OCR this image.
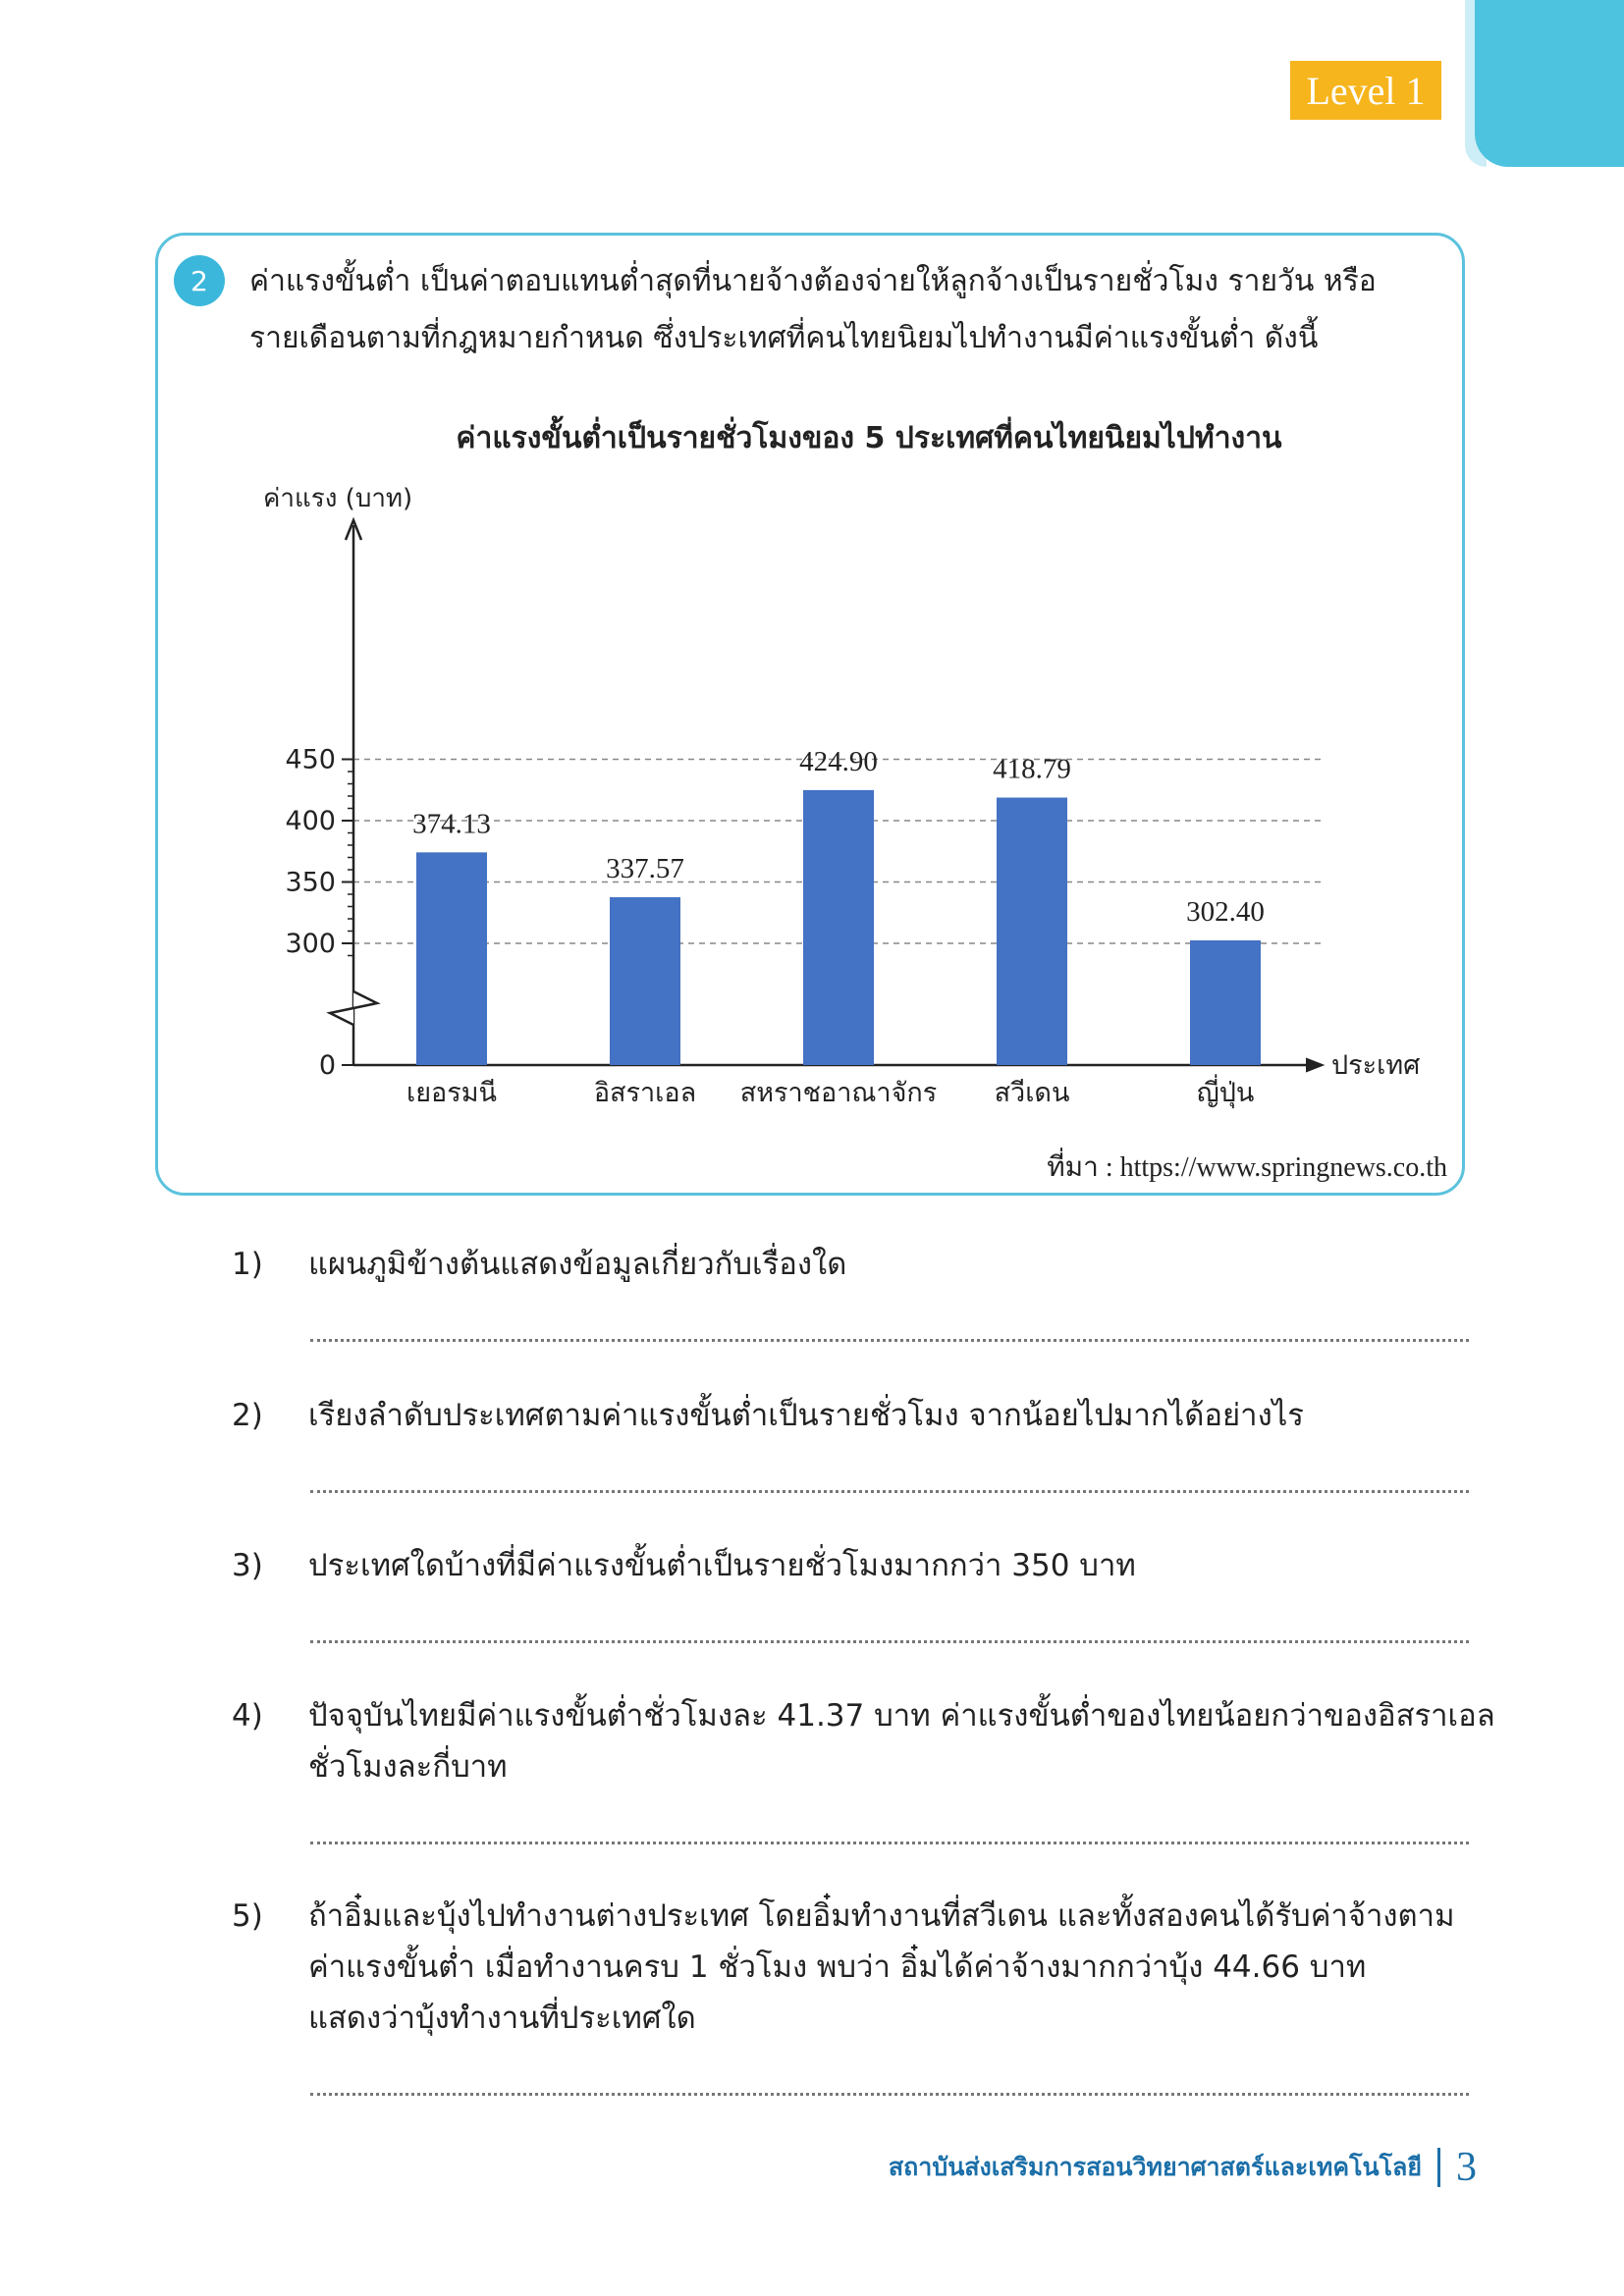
Level 1
2	ค่าแรงขั้นต่ำ เป็นค่าตอบแทนต่ำสุดที่นายจ้างต้องจ่ายให้ลูกจ้างเป็นรายชั่วโมง รายวัน หรือ
รายเดือนตามที่กฎหมายกำหนด ซึ่งประเทศที่คนไทยนิยมไปทำงานมีค่าแรงขั้นต่ำ ดังนี้
ค่าแรงขั้นต่ำเป็นรายชั่วโมงของ 5 ประเทศที่คนไทยนิยมไปทำงาน
ค่าแรง (บาท)
0
300
350
400
450
ประเทศ
374.13
เยอรมนี
337.57
อิสราเอล
424.90
สหราชอาณาจักร
418.79
สวีเดน
302.40
ญี่ปุ่น
ที่มา : https://www.springnews.co.th
1)	แผนภูมิข้างต้นแสดงข้อมูลเกี่ยวกับเรื่องใด
2)	เรียงลำดับประเทศตามค่าแรงขั้นต่ำเป็นรายชั่วโมง จากน้อยไปมากได้อย่างไร
3)	ประเทศใดบ้างที่มีค่าแรงขั้นต่ำเป็นรายชั่วโมงมากกว่า 350 บาท
4)	ปัจจุบันไทยมีค่าแรงขั้นต่ำชั่วโมงละ 41.37 บาท ค่าแรงขั้นต่ำของไทยน้อยกว่าของอิสราเอล
ชั่วโมงละกี่บาท
5)	ถ้าอิ๋มและบุ้งไปทำงานต่างประเทศ โดยอิ๋มทำงานที่สวีเดน และทั้งสองคนได้รับค่าจ้างตาม
ค่าแรงขั้นต่ำ เมื่อทำงานครบ 1 ชั่วโมง พบว่า อิ๋มได้ค่าจ้างมากกว่าบุ้ง 44.66 บาท
แสดงว่าบุ้งทำงานที่ประเทศใด
สถาบันส่งเสริมการสอนวิทยาศาสตร์และเทคโนโลยี 3
